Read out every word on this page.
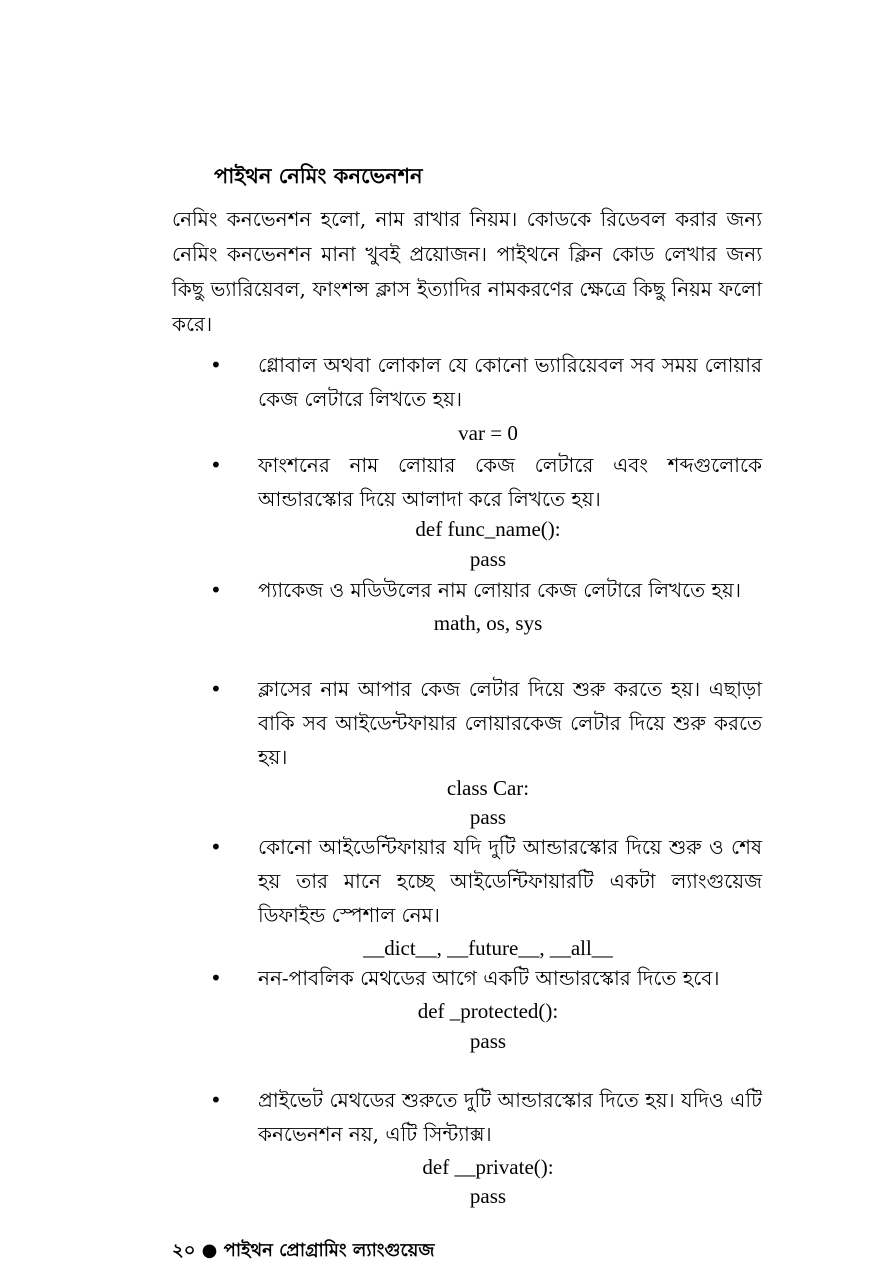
পাইথন নেমিং কনভেনশন
নেমিং কনভেনশন হলো, নাম রাখার নিয়ম। কোডকে রিডেবল করার জন্য নেমিং কনভেনশন মানা খুবই প্রয়োজন। পাইথনে ক্লিন কোড লেখার জন্য কিছু ভ্যারিয়েবল, ফাংশন্স ক্লাস ইত্যাদির নামকরণের ক্ষেত্রে কিছু নিয়ম ফলো করে।
• গ্লোবাল অথবা লোকাল যে কোনো ভ্যারিয়েবল সব সময় লোয়ার কেজ লেটারে লিখতে হয়।
var = 0
• ফাংশনের নাম লোয়ার কেজ লেটারে এবং শব্দগুলোকে আন্ডারস্কোর দিয়ে আলাদা করে লিখতে হয়।
def func_name():
pass
• প্যাকেজ ও মডিউলের নাম লোয়ার কেজ লেটারে লিখতে হয়।
math, os, sys
• ক্লাসের নাম আপার কেজ লেটার দিয়ে শুরু করতে হয়। এছাড়া বাকি সব আইডেন্টফায়ার লোয়ারকেজ লেটার দিয়ে শুরু করতে হয়।
class Car:
pass
• কোনো আইডেন্টিফায়ার যদি দুটি আন্ডারস্কোর দিয়ে শুরু ও শেষ হয় তার মানে হচ্ছে আইডেন্টিফায়ারটি একটা ল্যাংগুয়েজ ডিফাইন্ড স্পেশাল নেম।
__dict__, __future__, __all__
• নন-পাবলিক মেথডের আগে একটি আন্ডারস্কোর দিতে হবে।
def _protected():
pass
• প্রাইভেট মেথডের শুরুতে দুটি আন্ডারস্কোর দিতে হয়। যদিও এটি কনভেনশন নয়, এটি সিন্ট্যাক্স।
def __private():
pass
২০ ● পাইথন প্রোগ্রামিং ল্যাংগুয়েজ
